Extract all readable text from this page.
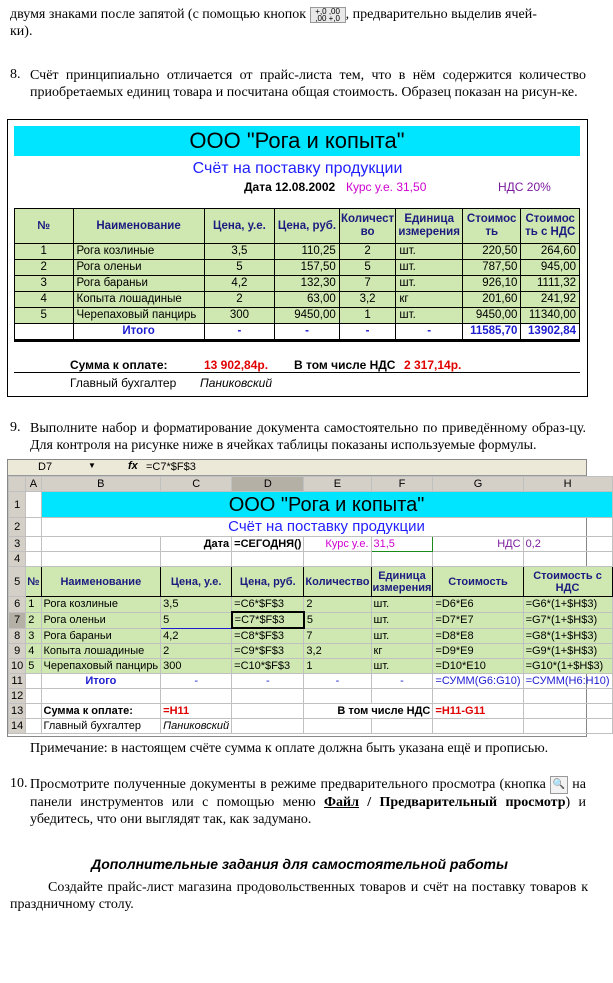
двумя знаками после запятой (с помощью кнопок +,0 ,00
,00 +,0 , предварительно выделив ячей-
ки).
8. Счёт принципиально отличается от прайс-листа тем, что в нём содержится количество приобретаемых единиц товара и посчитана общая стоимость. Образец показан на рисун-ке.
ООО "Рога и копыта"
Счёт на поставку продукции
Дата 12.08.2002 Курс у.е. 31,50	НДС 20%
№	Наименование	Цена, у.е.	Цена, руб.	Количест во	Единица измерения	Стоимос ть	Стоимос ть с НДС
1	Рога козлиные	3,5	110,25	2	шт.	220,50	264,60
2	Рога оленьи	5	157,50	5	шт.	787,50	945,00
3	Рога бараньи	4,2	132,30	7	шт.	926,10	1111,32
4	Копыта лошадиные	2	63,00	3,2	кг	201,60	241,92
5	Черепаховый панцирь	300	9450,00	1	шт.	9450,00	11340,00
	Итого	-	-	-	-	11585,70	13902,84
Сумма к оплате:	13 902,84р. В том числе НДС 2 317,14р.
Главный бухгалтер Паниковский
9. Выполните набор и форматирование документа самостоятельно по приведённому образ-цу. Для контроля на рисунке ниже в ячейках таблицы показаны используемые формулы.
D7	▼	fx =C7*$F$3
	A	B	C	D	E	F	G	H
1		ООО "Рога и копыта"						
2		Счёт на поставку продукции						
3			Дата	=СЕГОДНЯ()	Курс у.е.	31,5	НДС	0,2
4								
5	№	Наименование	Цена, у.е.	Цена, руб.	Количество	Единица измерения	Стоимость	Стоимость с НДС
6	1	Рога козлиные	3,5	=C6*$F$3	2	шт.	=D6*E6	=G6*(1+$H$3)
7	2	Рога оленьи	5	=C7*$F$3	5	шт.	=D7*E7	=G7*(1+$H$3)
8	3	Рога бараньи	4,2	=C8*$F$3	7	шт.	=D8*E8	=G8*(1+$H$3)
9	4	Копыта лошадиные	2	=C9*$F$3	3,2	кг	=D9*E9	=G9*(1+$H$3)
10	5	Черепаховый панцирь	300	=C10*$F$3	1	шт.	=D10*E10	=G10*(1+$H$3)
11		Итого	-	-	-	-	=СУММ(G6:G10)	=СУММ(H6:H10)
12								
13		Сумма к оплате:	=H11		В том числе НДС		=H11-G11	
14		Главный бухгалтер	Паниковский					
Примечание: в настоящем счёте сумма к оплате должна быть указана ещё и прописью.
10. Просмотрите полученные документы в режиме предварительного просмотра (кнопка 🔍 на панели инструментов или с помощью меню Файл / Предварительный просмотр) и убедитесь, что они выглядят так, как задумано.
Дополнительные задания для самостоятельной работы
Создайте прайс-лист магазина продовольственных товаров и счёт на поставку товаров к праздничному столу.
